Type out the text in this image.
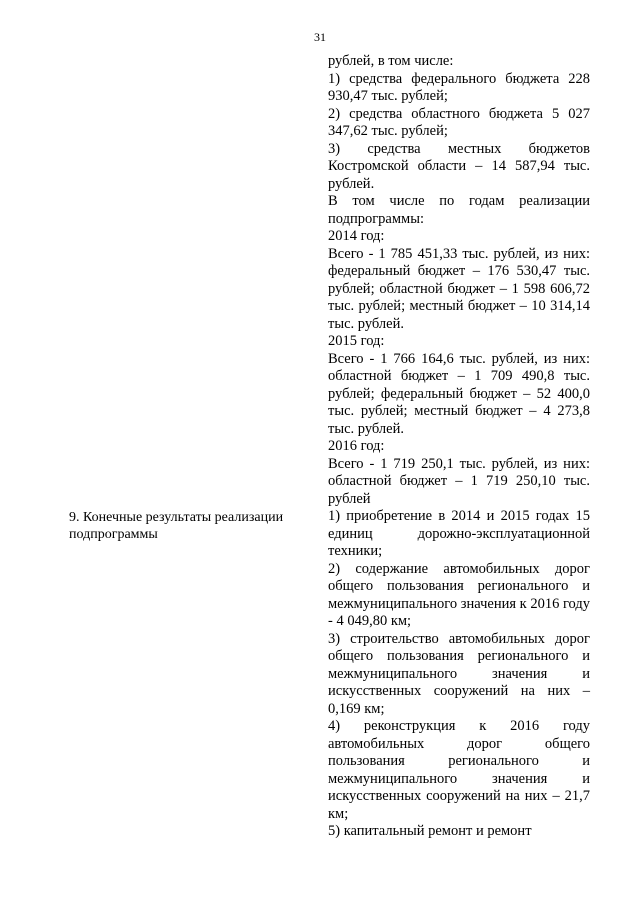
31
9. Конечные результаты реализации подпрограммы

рублей, в том числе:

1) средства федерального бюджета 228 930,47 тыс. рублей;

2) средства областного бюджета 5 027 347,62 тыс. рублей;

3) средства местных бюджетов Костромской области – 14 587,94 тыс. рублей.

В том числе по годам реализации подпрограммы:

2014 год:

Всего - 1 785 451,33 тыс. рублей, из них: федеральный бюджет – 176 530,47 тыс. рублей; областной бюджет – 1 598 606,72 тыс. рублей; местный бюджет – 10 314,14 тыс. рублей.

2015 год:

Всего - 1 766 164,6 тыс. рублей, из них: областной бюджет – 1 709 490,8 тыс. рублей; федеральный бюджет – 52 400,0 тыс. рублей; местный бюджет – 4 273,8 тыс. рублей.

2016 год:

Всего - 1 719 250,1 тыс. рублей, из них: областной бюджет – 1 719 250,10 тыс. рублей

1) приобретение в 2014 и 2015 годах 15 единиц дорожно-эксплуатационной техники;

2) содержание автомобильных дорог общего пользования регионального и межмуниципального значения к 2016 году - 4 049,80 км;

3) строительство автомобильных дорог общего пользования регионального и межмуниципального значения и искусственных сооружений на них – 0,169 км;

4) реконструкция к 2016 году автомобильных дорог общего пользования регионального и межмуниципального значения и искусственных сооружений на них – 21,7 км;

5) капитальный ремонт и ремонт
